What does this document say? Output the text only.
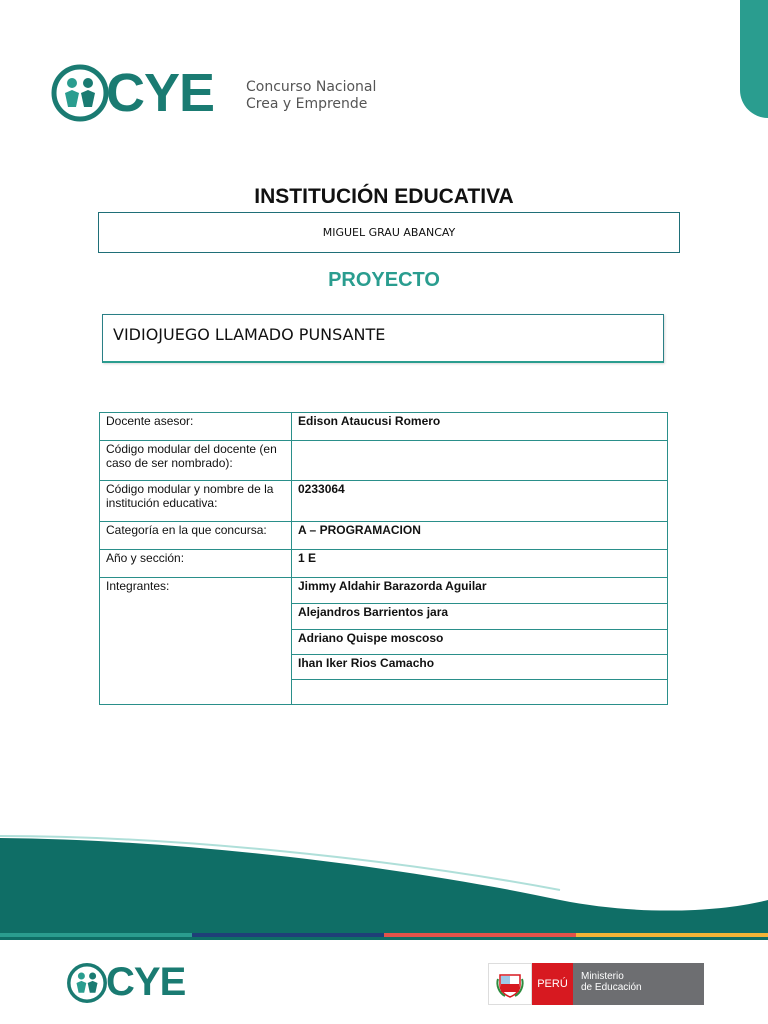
CYE Concurso Nacional
Crea y Emprende
INSTITUCIÓN EDUCATIVA
MIGUEL GRAU ABANCAY
PROYECTO
VIDIOJUEGO LLAMADO PUNSANTE
Docente asesor:	Edison Ataucusi Romero
Código modular del docente (en caso de ser nombrado):	
Código modular y nombre de la institución educativa:	0233064
Categoría en la que concursa:	A – PROGRAMACION
Año y sección:	1 E
Integrantes:	Jimmy Aldahir Barazorda Aguilar
	Alejandros Barrientos jara
	Adriano Quispe moscoso
	Ihan Iker Rios Camacho

CYE	PERÚ
Ministerio
de Educación
